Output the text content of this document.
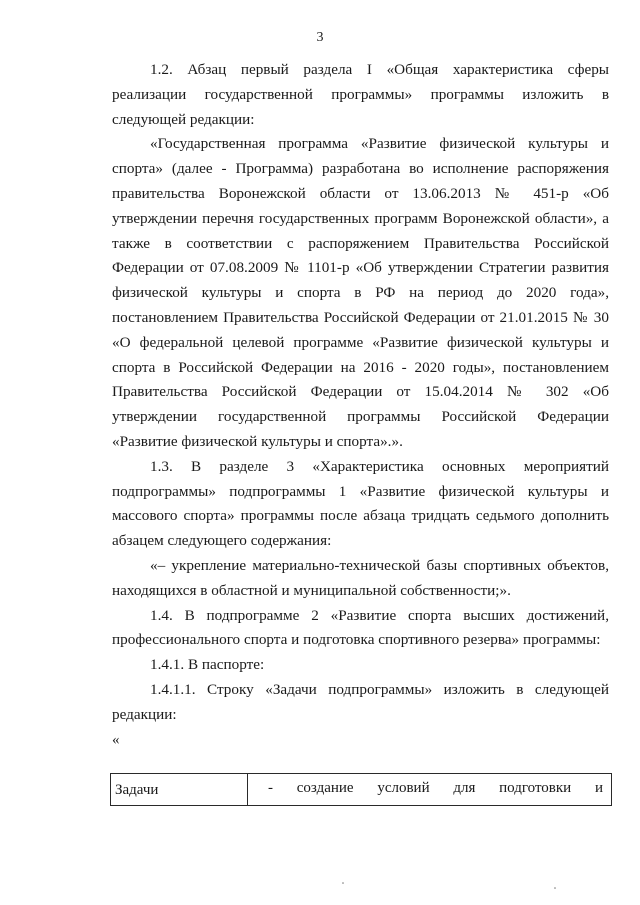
3

1.2. Абзац первый раздела I «Общая характеристика сферы реализации государственной программы» программы изложить в следующей редакции:

«Государственная программа «Развитие физической культуры и спорта» (далее - Программа) разработана во исполнение распоряжения правительства Воронежской области от 13.06.2013 № 451-р «Об утверждении перечня государственных программ Воронежской области», а также в соответствии с распоряжением Правительства Российской Федерации от 07.08.2009 № 1101-р «Об утверждении Стратегии развития физической культуры и спорта в РФ на период до 2020 года», постановлением Правительства Российской Федерации от 21.01.2015 № 30 «О федеральной целевой программе «Развитие физической культуры и спорта в Российской Федерации на 2016 - 2020 годы», постановлением Правительства Российской Федерации от 15.04.2014 № 302 «Об утверждении государственной программы Российской Федерации «Развитие физической культуры и спорта».».

1.3. В разделе 3 «Характеристика основных мероприятий подпрограммы» подпрограммы 1 «Развитие физической культуры и массового спорта» программы после абзаца тридцать седьмого дополнить абзацем следующего содержания:

«– укрепление материально-технической базы спортивных объектов, находящихся в областной и муниципальной собственности;».

1.4. В подпрограмме 2 «Развитие спорта высших достижений, профессионального спорта и подготовка спортивного резерва» программы:

1.4.1. В паспорте:

1.4.1.1. Строку «Задачи подпрограммы» изложить в следующей редакции:

«

Задачи	- создание условий для подготовки и
